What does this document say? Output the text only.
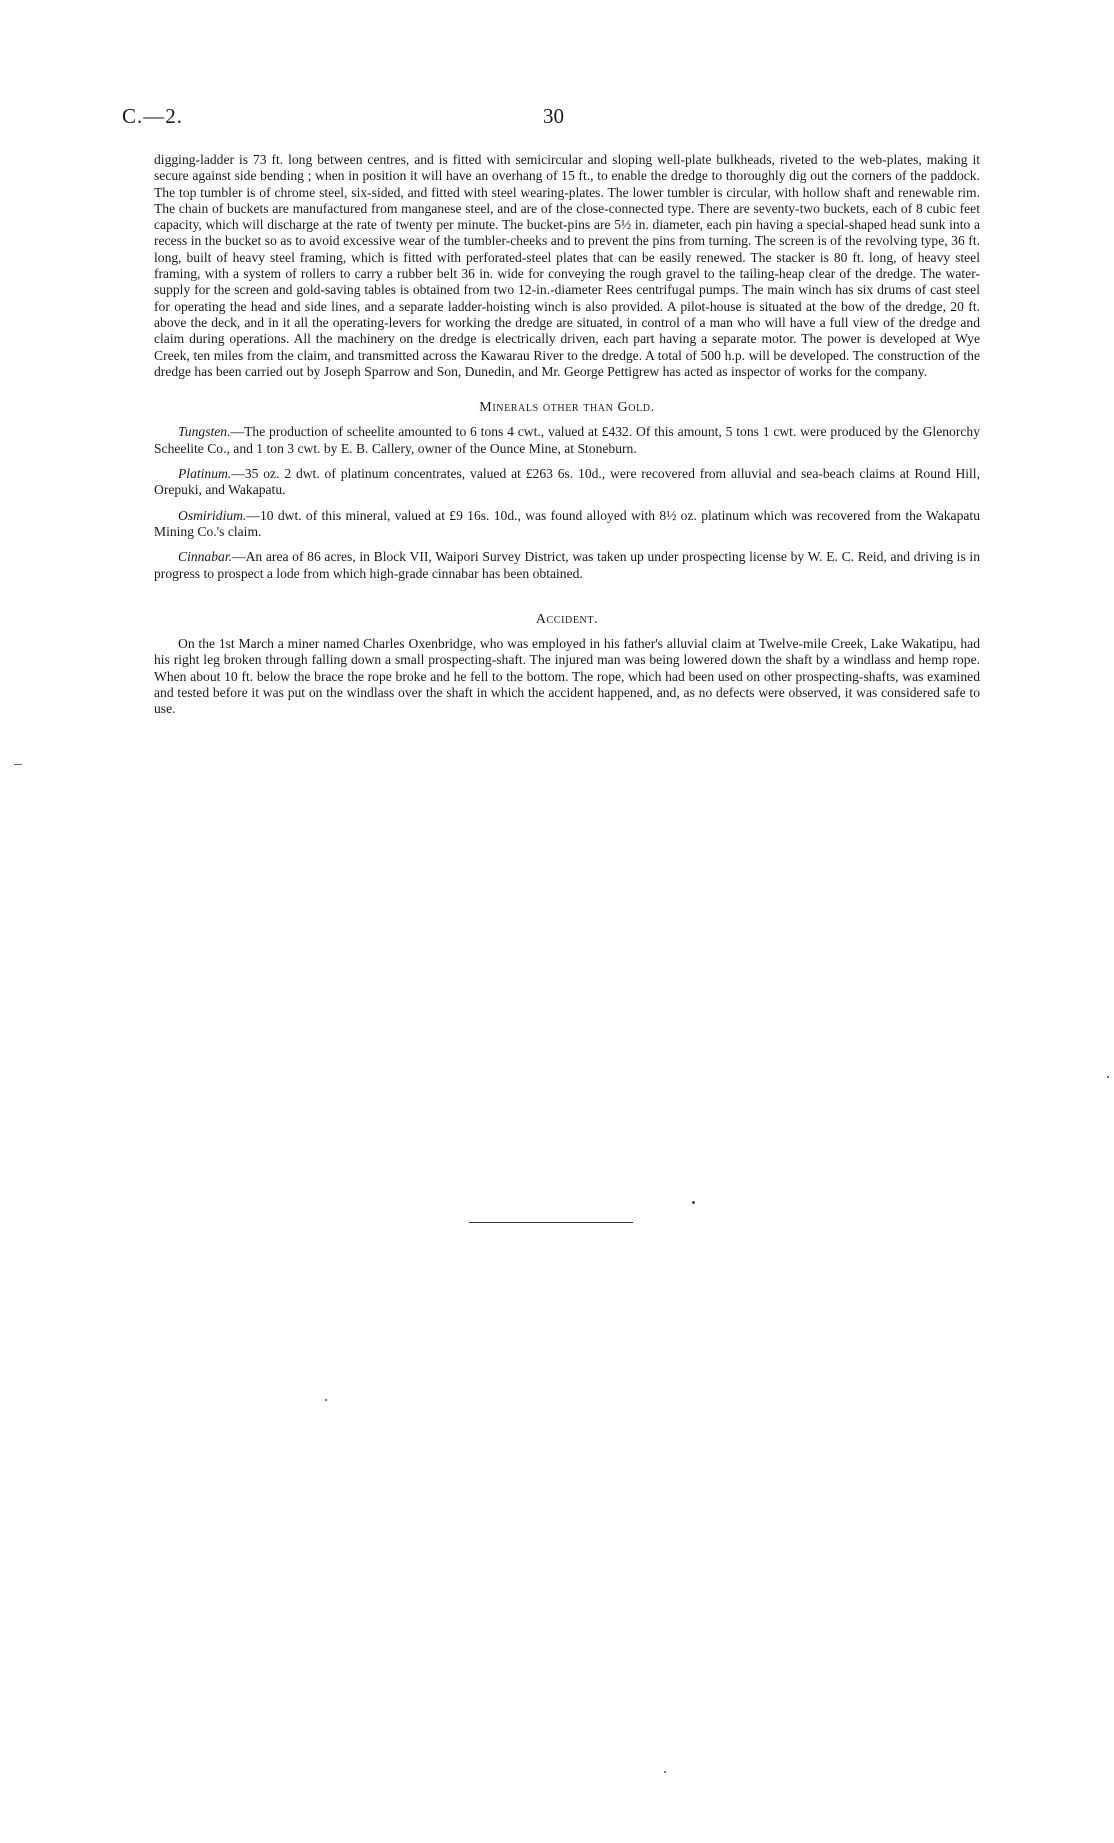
C.—2.	30

digging-ladder is 73 ft. long between centres, and is fitted with semicircular and sloping well-plate bulkheads, riveted to the web-plates, making it secure against side bending ; when in position it will have an overhang of 15 ft., to enable the dredge to thoroughly dig out the corners of the paddock. The top tumbler is of chrome steel, six-sided, and fitted with steel wearing-plates. The lower tumbler is circular, with hollow shaft and renewable rim. The chain of buckets are manufactured from manganese steel, and are of the close-connected type. There are seventy-two buckets, each of 8 cubic feet capacity, which will discharge at the rate of twenty per minute. The bucket-pins are 5½ in. diameter, each pin having a special-shaped head sunk into a recess in the bucket so as to avoid excessive wear of the tumbler-cheeks and to prevent the pins from turning. The screen is of the revolving type, 36 ft. long, built of heavy steel framing, which is fitted with perforated-steel plates that can be easily renewed. The stacker is 80 ft. long, of heavy steel framing, with a system of rollers to carry a rubber belt 36 in. wide for conveying the rough gravel to the tailing-heap clear of the dredge. The water-supply for the screen and gold-saving tables is obtained from two 12-in.-diameter Rees centrifugal pumps. The main winch has six drums of cast steel for operating the head and side lines, and a separate ladder-hoisting winch is also provided. A pilot-house is situated at the bow of the dredge, 20 ft. above the deck, and in it all the operating-levers for working the dredge are situated, in control of a man who will have a full view of the dredge and claim during operations. All the machinery on the dredge is electrically driven, each part having a separate motor. The power is developed at Wye Creek, ten miles from the claim, and transmitted across the Kawarau River to the dredge. A total of 500 h.p. will be developed. The construction of the dredge has been carried out by Joseph Sparrow and Son, Dunedin, and Mr. George Pettigrew has acted as inspector of works for the company.

Minerals other than Gold.

Tungsten.—The production of scheelite amounted to 6 tons 4 cwt., valued at £432. Of this amount, 5 tons 1 cwt. were produced by the Glenorchy Scheelite Co., and 1 ton 3 cwt. by E. B. Callery, owner of the Ounce Mine, at Stoneburn.

Platinum.—35 oz. 2 dwt. of platinum concentrates, valued at £263 6s. 10d., were recovered from alluvial and sea-beach claims at Round Hill, Orepuki, and Wakapatu.

Osmiridium.—10 dwt. of this mineral, valued at £9 16s. 10d., was found alloyed with 8½ oz. platinum which was recovered from the Wakapatu Mining Co.'s claim.

Cinnabar.—An area of 86 acres, in Block VII, Waipori Survey District, was taken up under prospecting license by W. E. C. Reid, and driving is in progress to prospect a lode from which high-grade cinnabar has been obtained.

Accident.

On the 1st March a miner named Charles Oxenbridge, who was employed in his father's alluvial claim at Twelve-mile Creek, Lake Wakatipu, had his right leg broken through falling down a small prospecting-shaft. The injured man was being lowered down the shaft by a windlass and hemp rope. When about 10 ft. below the brace the rope broke and he fell to the bottom. The rope, which had been used on other prospecting-shafts, was examined and tested before it was put on the windlass over the shaft in which the accident happened, and, as no defects were observed, it was considered safe to use.
